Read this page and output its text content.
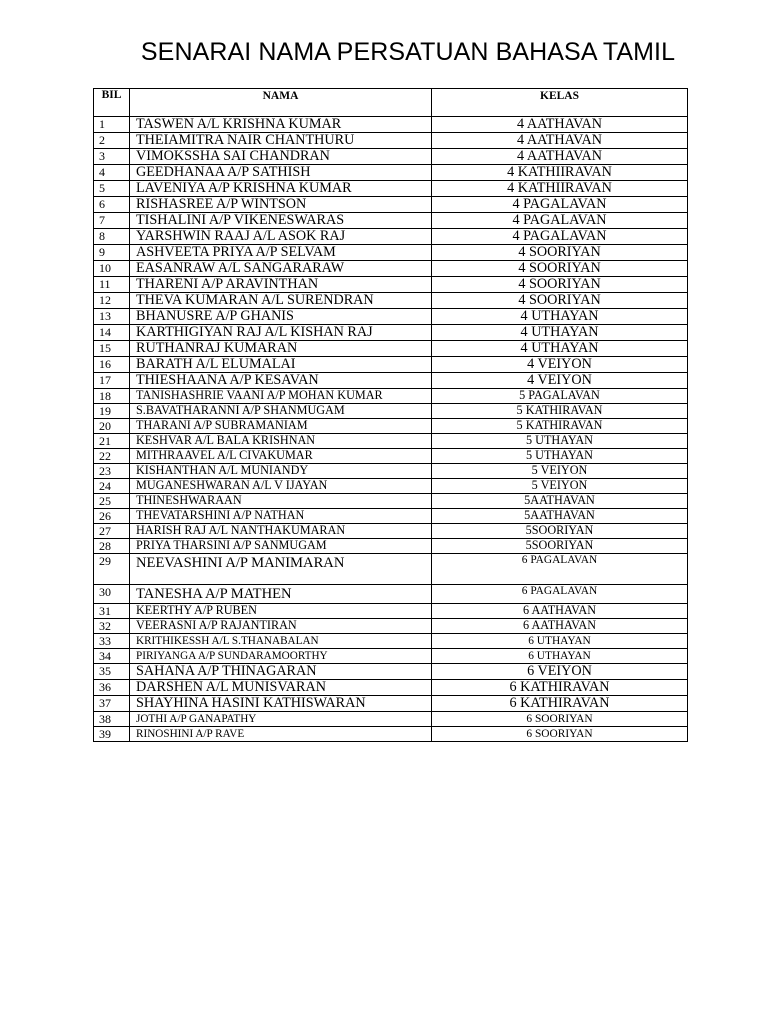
SENARAI NAMA PERSATUAN BAHASA TAMIL
BIL	NAMA	KELAS
1	TASWEN A/L KRISHNA KUMAR	4 AATHAVAN
2	THEIAMITRA NAIR CHANTHURU	4 AATHAVAN
3	VIMOKSSHA SAI CHANDRAN	4 AATHAVAN
4	GEEDHANAA A/P SATHISH	4 KATHIIRAVAN
5	LAVENIYA A/P KRISHNA KUMAR	4 KATHIIRAVAN
6	RISHASREE A/P WINTSON	4 PAGALAVAN
7	TISHALINI A/P VIKENESWARAS	4 PAGALAVAN
8	YARSHWIN RAAJ A/L ASOK RAJ	4 PAGALAVAN
9	ASHVEETA PRIYA A/P SELVAM	4 SOORIYAN
10	EASANRAW A/L SANGARARAW	4 SOORIYAN
11	THARENI A/P ARAVINTHAN	4 SOORIYAN
12	THEVA KUMARAN A/L SURENDRAN	4 SOORIYAN
13	BHANUSRE A/P GHANIS	4 UTHAYAN
14	KARTHIGIYAN RAJ A/L KISHAN RAJ	4 UTHAYAN
15	RUTHANRAJ KUMARAN	4 UTHAYAN
16	BARATH A/L ELUMALAI	4 VEIYON
17	THIESHAANA A/P KESAVAN	4 VEIYON
18	TANISHASHRIE VAANI A/P MOHAN KUMAR	5 PAGALAVAN
19	S.BAVATHARANNI A/P SHANMUGAM	5 KATHIRAVAN
20	THARANI A/P SUBRAMANIAM	5 KATHIRAVAN
21	KESHVAR A/L BALA KRISHNAN	5 UTHAYAN
22	MITHRAAVEL A/L CIVAKUMAR	5 UTHAYAN
23	KISHANTHAN A/L MUNIANDY	5 VEIYON
24	MUGANESHWARAN A/L V IJAYAN	5 VEIYON
25	THINESHWARAAN	5AATHAVAN
26	THEVATARSHINI A/P NATHAN	5AATHAVAN
27	HARISH RAJ A/L NANTHAKUMARAN	5SOORIYAN
28	PRIYA THARSINI A/P SANMUGAM	5SOORIYAN
29	NEEVASHINI A/P MANIMARAN	6 PAGALAVAN
30	TANESHA A/P MATHEN	6 PAGALAVAN
31	KEERTHY A/P RUBEN	6 AATHAVAN
32	VEERASNI A/P RAJANTIRAN	6 AATHAVAN
33	KRITHIKESSH A/L S.THANABALAN	6 UTHAYAN
34	PIRIYANGA A/P SUNDARAMOORTHY	6 UTHAYAN
35	SAHANA A/P THINAGARAN	6 VEIYON
36	DARSHEN A/L MUNISVARAN	6 KATHIRAVAN
37	SHAYHINA HASINI KATHISWARAN	6 KATHIRAVAN
38	JOTHI A/P GANAPATHY	6 SOORIYAN
39	RINOSHINI A/P RAVE	6 SOORIYAN
